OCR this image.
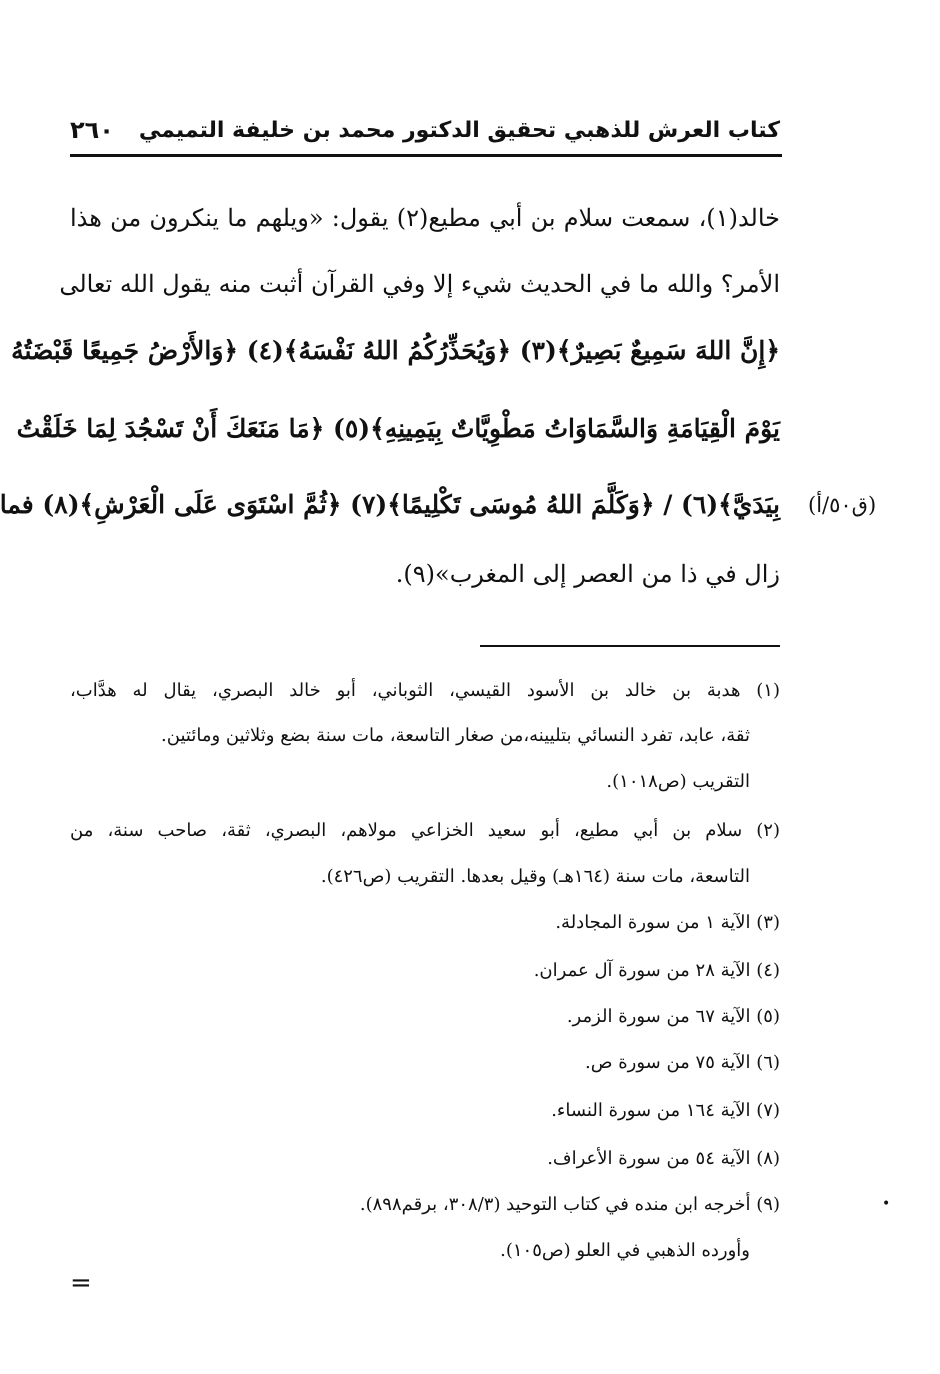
كتاب العرش للذهبي تحقيق الدكتور محمد بن خليفة التميمي
٢٦٠
خالد(١)، سمعت سلام بن أبي مطيع(٢) يقول: «ويلهم ما ينكرون من هذا
الأمر؟ والله ما في الحديث شيء إلا وفي القرآن أثبت منه يقول الله تعالى
﴿إِنَّ اللهَ سَمِيعٌ بَصِيرٌ﴾(٣) ﴿وَيُحَذِّرُكُمُ اللهُ نَفْسَهُ﴾(٤) ﴿وَالأَرْضُ جَمِيعًا قَبْضَتُهُ
يَوْمَ الْقِيَامَةِ وَالسَّمَاوَاتُ مَطْوِيَّاتٌ بِيَمِينِهِ﴾(٥) ﴿مَا مَنَعَكَ أَنْ تَسْجُدَ لِمَا خَلَقْتُ
بِيَدَيَّ﴾(٦) / ﴿وَكَلَّمَ اللهُ مُوسَى تَكْلِيمًا﴾(٧) ﴿ثُمَّ اسْتَوَى عَلَى الْعَرْشِ﴾(٨) فما
زال في ذا من العصر إلى المغرب»(٩).
(ق٥٠/أ)
(١) هدبة بن خالد بن الأسود القيسي، الثوباني، أبو خالد البصري، يقال له هدَّاب،
ثقة، عابد، تفرد النسائي بتليينه،من صغار التاسعة، مات سنة بضع وثلاثين ومائتين.
التقريب (ص١٠١٨).
(٢) سلام بن أبي مطيع، أبو سعيد الخزاعي مولاهم، البصري، ثقة، صاحب سنة، من
التاسعة، مات سنة (١٦٤هـ) وقيل بعدها. التقريب (ص٤٢٦).
(٣) الآية ١ من سورة المجادلة.
(٤) الآية ٢٨ من سورة آل عمران.
(٥) الآية ٦٧ من سورة الزمر.
(٦) الآية ٧٥ من سورة ص.
(٧) الآية ١٦٤ من سورة النساء.
(٨) الآية ٥٤ من سورة الأعراف.
(٩) أخرجه ابن منده في كتاب التوحيد (٣٠٨/٣، برقم٨٩٨).
وأورده الذهبي في العلو (ص١٠٥).
•
=
